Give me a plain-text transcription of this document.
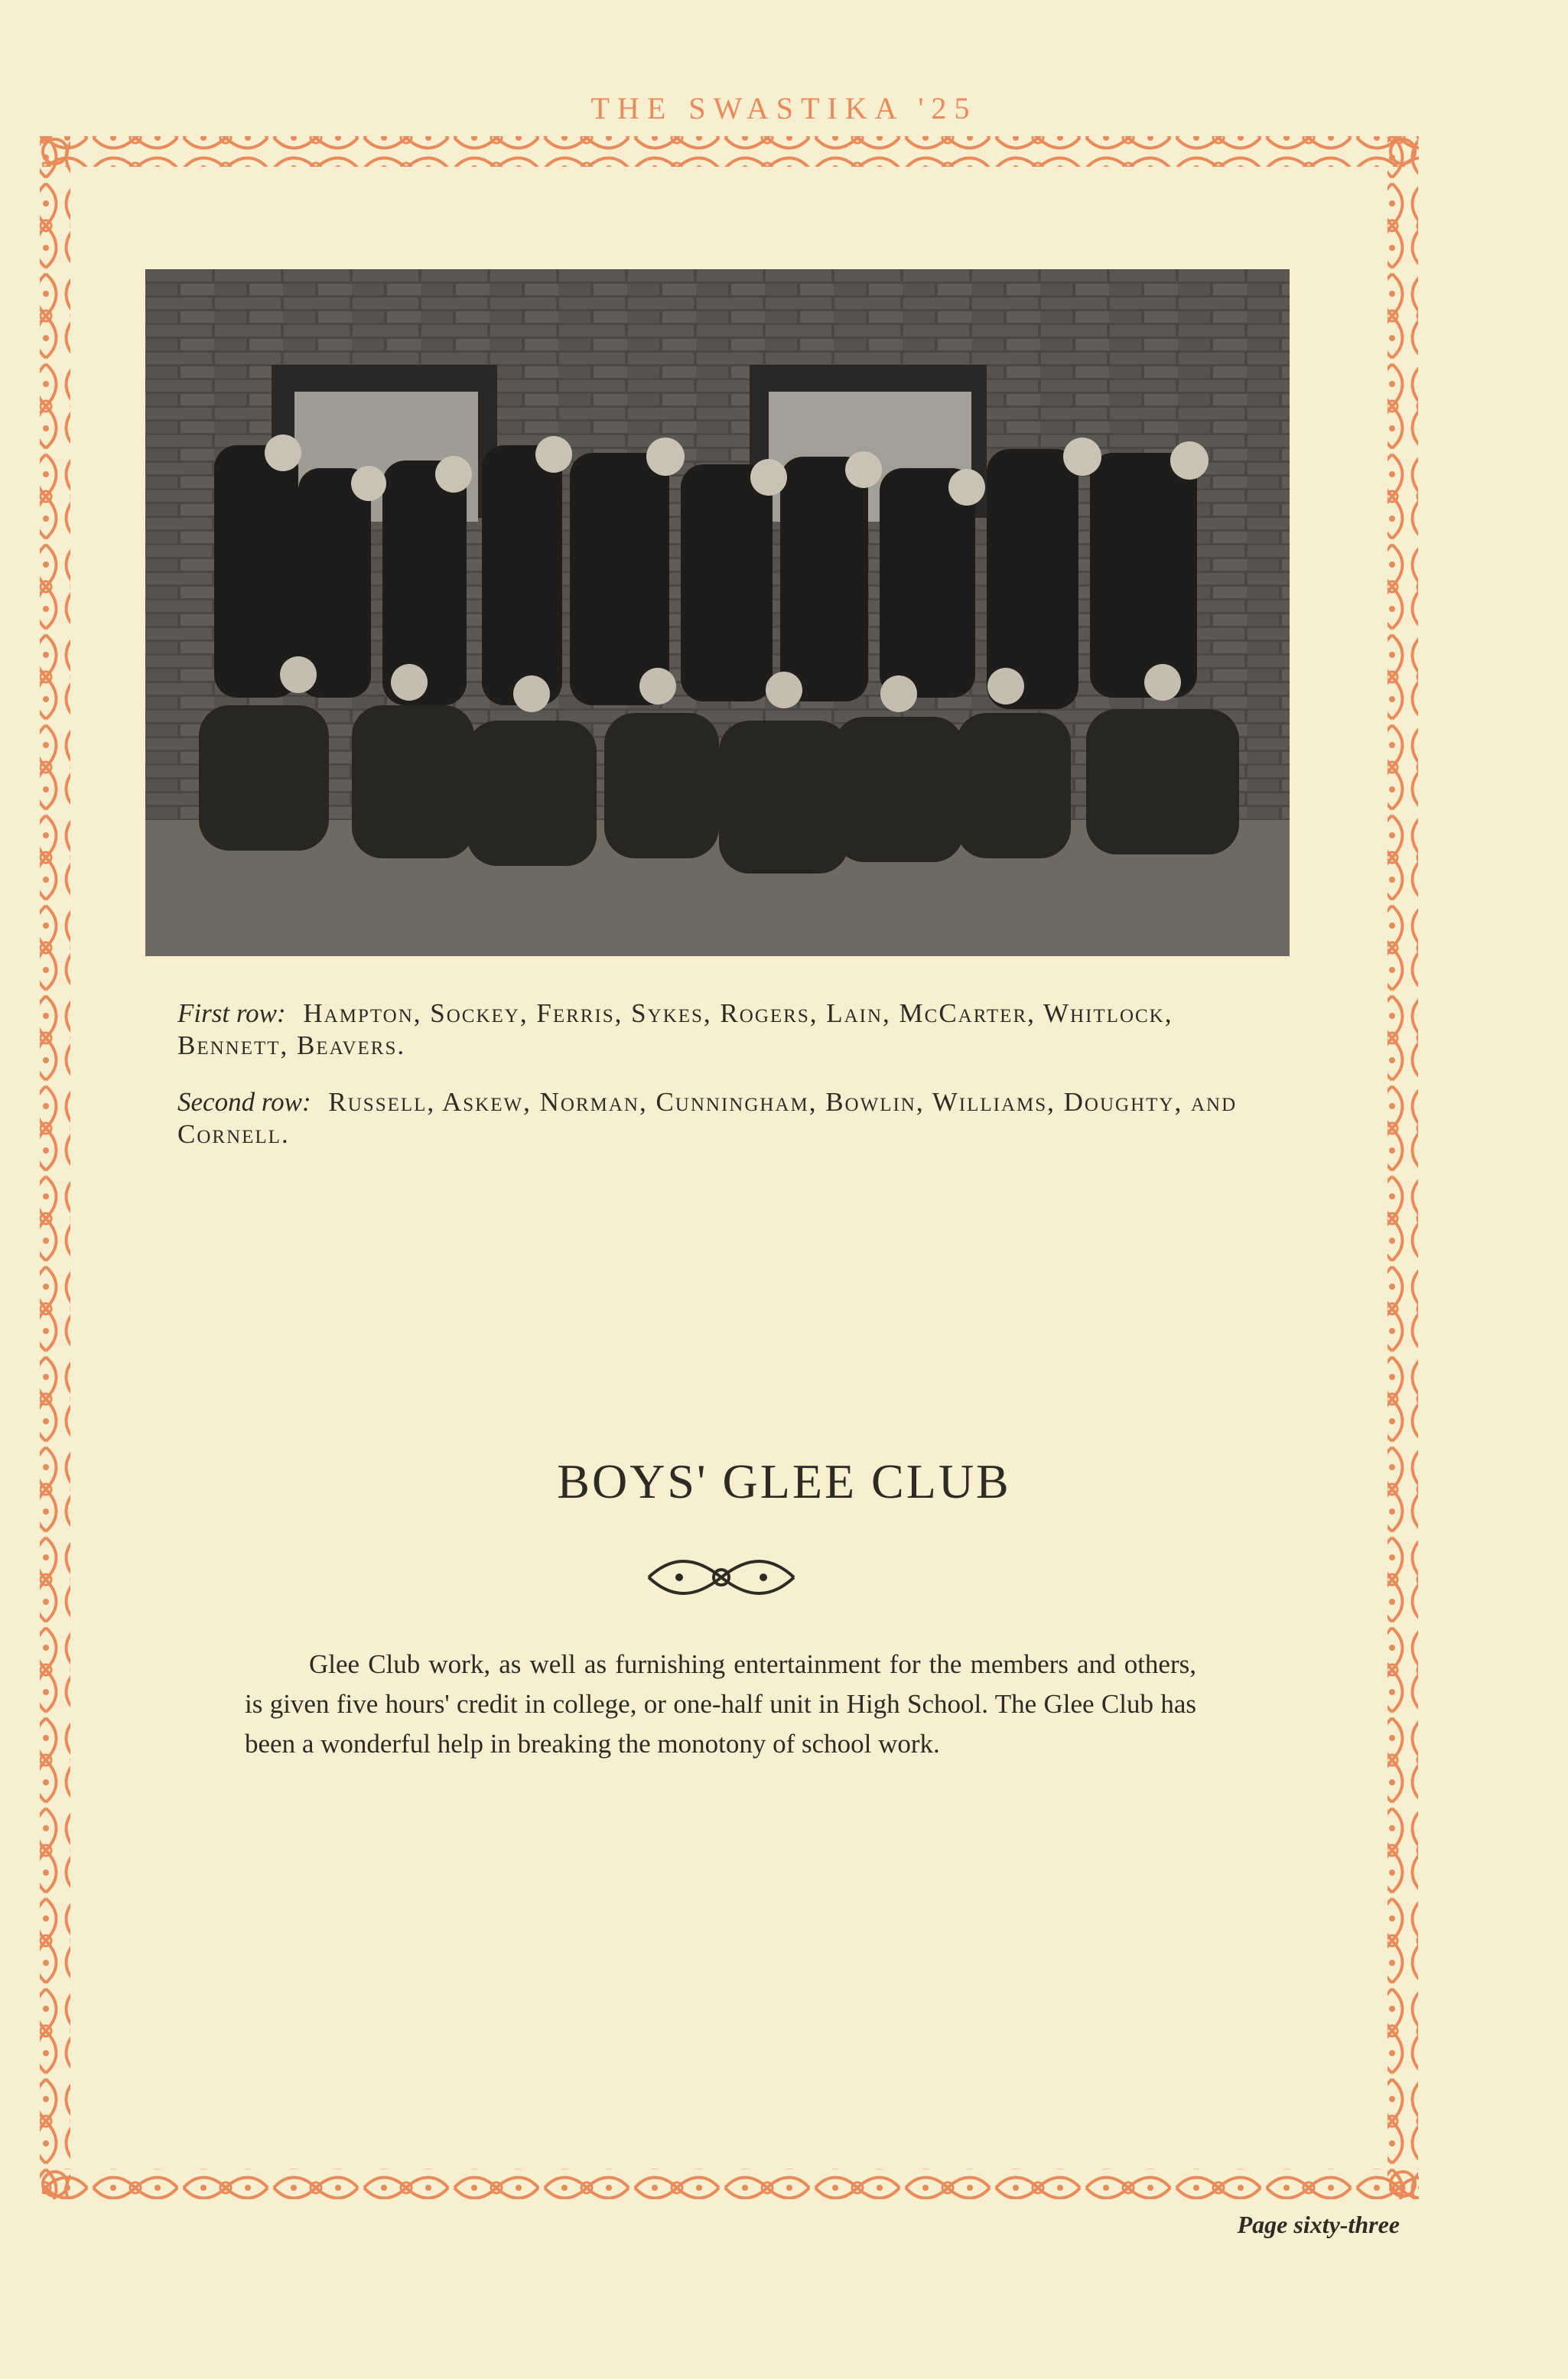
THE SWASTIKA '25
First row: Hampton, Sockey, Ferris, Sykes, Rogers, Lain, McCarter, Whitlock, Bennett, Beavers.
Second row: Russell, Askew, Norman, Cunningham, Bowlin, Williams, Doughty, and Cornell.
BOYS' GLEE CLUB
Glee Club work, as well as furnishing entertainment for the members and others, is given five hours' credit in college, or one-half unit in High School. The Glee Club has been a wonderful help in breaking the monotony of school work.
Page sixty-three
